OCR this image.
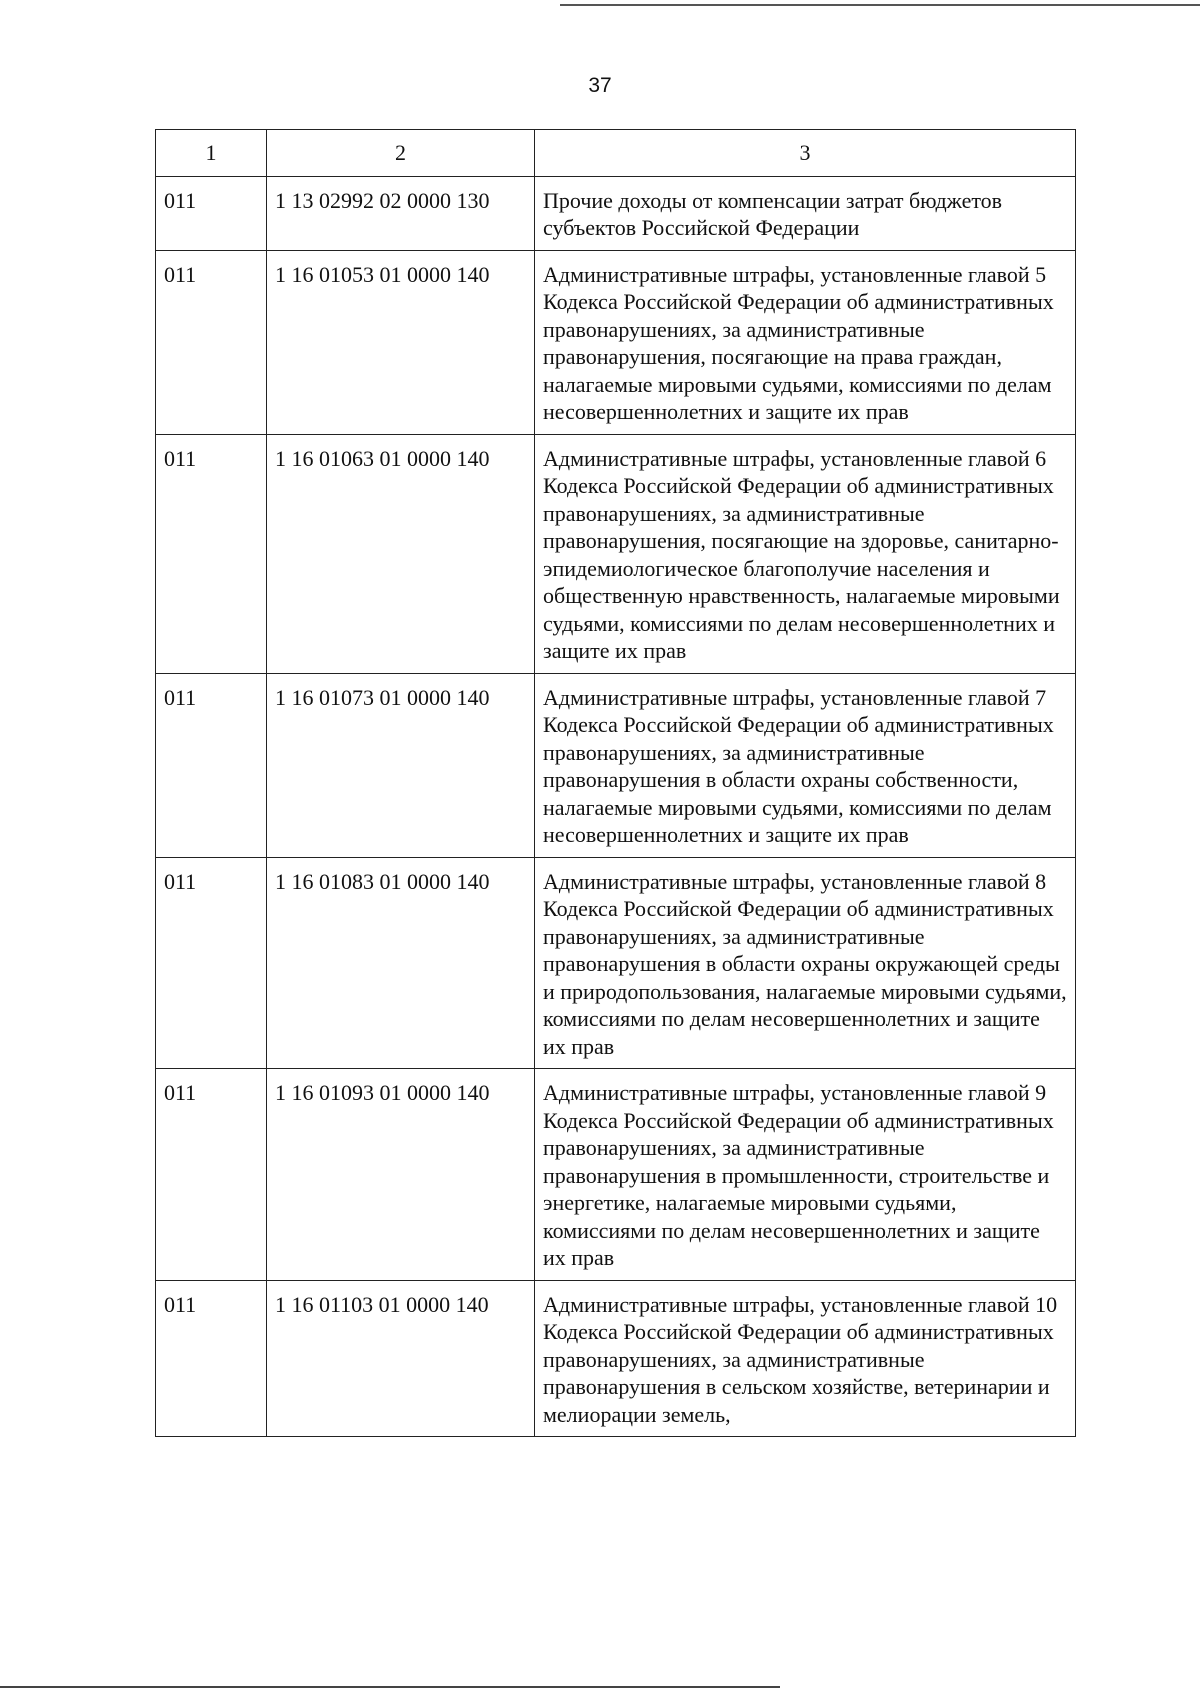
37
1	2	3
011	1 13 02992 02 0000 130	Прочие доходы от компенсации затрат бюджетов субъектов Российской Федерации
011	1 16 01053 01 0000 140	Административные штрафы, установленные главой 5 Кодекса Российской Федерации об административных правонарушениях, за административные правонарушения, посягающие на права граждан, налагаемые мировыми судьями, комиссиями по делам несовершеннолетних и защите их прав
011	1 16 01063 01 0000 140	Административные штрафы, установленные главой 6 Кодекса Российской Федерации об административных правонарушениях, за административные правонарушения, посягающие на здоровье, санитарно-эпидемиологическое благополучие населения и общественную нравственность, налагаемые мировыми судьями, комиссиями по делам несовершеннолетних и защите их прав
011	1 16 01073 01 0000 140	Административные штрафы, установленные главой 7 Кодекса Российской Федерации об административных правонарушениях, за административные правонарушения в области охраны собственности, налагаемые мировыми судьями, комиссиями по делам несовершеннолетних и защите их прав
011	1 16 01083 01 0000 140	Административные штрафы, установленные главой 8 Кодекса Российской Федерации об административных правонарушениях, за административные правонарушения в области охраны окружающей среды и природопользования, налагаемые мировыми судьями, комиссиями по делам несовершеннолетних и защите их прав
011	1 16 01093 01 0000 140	Административные штрафы, установленные главой 9 Кодекса Российской Федерации об административных правонарушениях, за административные правонарушения в промышленности, строительстве и энергетике, налагаемые мировыми судьями, комиссиями по делам несовершеннолетних и защите их прав
011	1 16 01103 01 0000 140	Административные штрафы, установленные главой 10 Кодекса Российской Федерации об административных правонарушениях, за административные правонарушения в сельском хозяйстве, ветеринарии и мелиорации земель,
